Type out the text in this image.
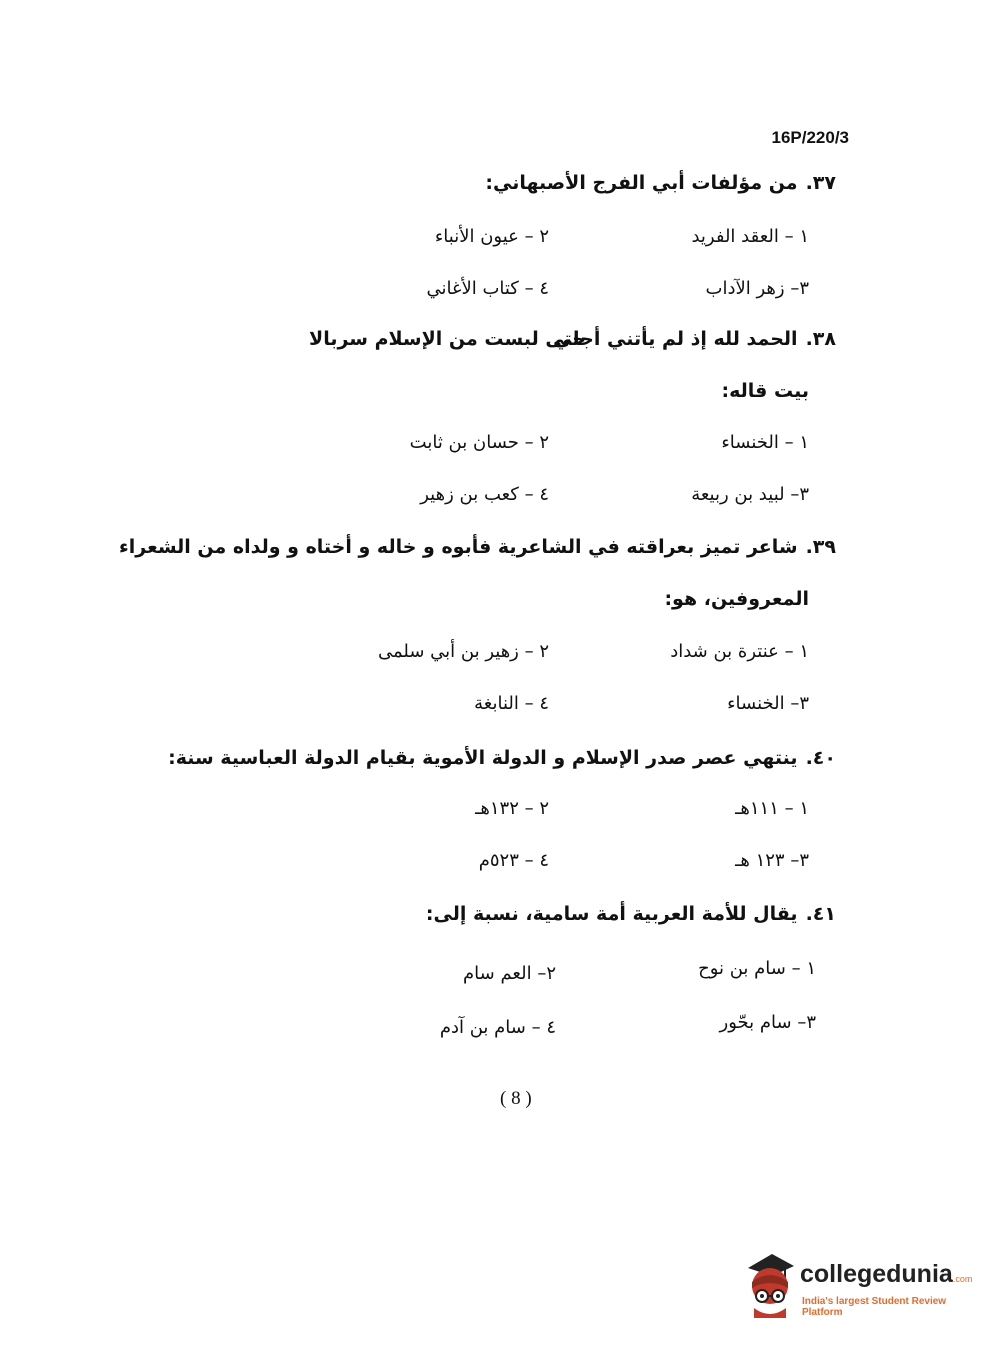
16P/220/3
٣٧.من مؤلفات أبي الفرج الأصبهاني:
١ – العقد الفريد
٢ – عيون الأنباء
٣– زهر الآداب
٤ – كتاب الأغاني
٣٨.الحمد لله إذ لم يأتني أجلي
حتى لبست من الإسلام سربالا
بيت قاله:
١ – الخنساء
٢ – حسان بن ثابت
٣– لبيد بن ربيعة
٤ – كعب بن زهير
٣٩.شاعر تميز بعراقته في الشاعرية فأبوه و خاله و أختاه و ولداه من الشعراء
المعروفين، هو:
١ – عنترة بن شداد
٢ – زهير بن أبي سلمى
٣– الخنساء
٤ – النابغة
٤٠.ينتهي عصر صدر الإسلام و الدولة الأموية بقيام الدولة العباسية سنة:
١ – ١١١هـ
٢ – ١٣٢هـ
٣– ١٢٣ هـ
٤ – ٥٢٣م
٤١.يقال للأمة العربية أمة سامية، نسبة إلى:
١ – سام بن نوح
٢– العم سام
٣– سام بحّور
٤ – سام بن آدم
( 8 )
collegedunia.com
India's largest Student Review Platform
